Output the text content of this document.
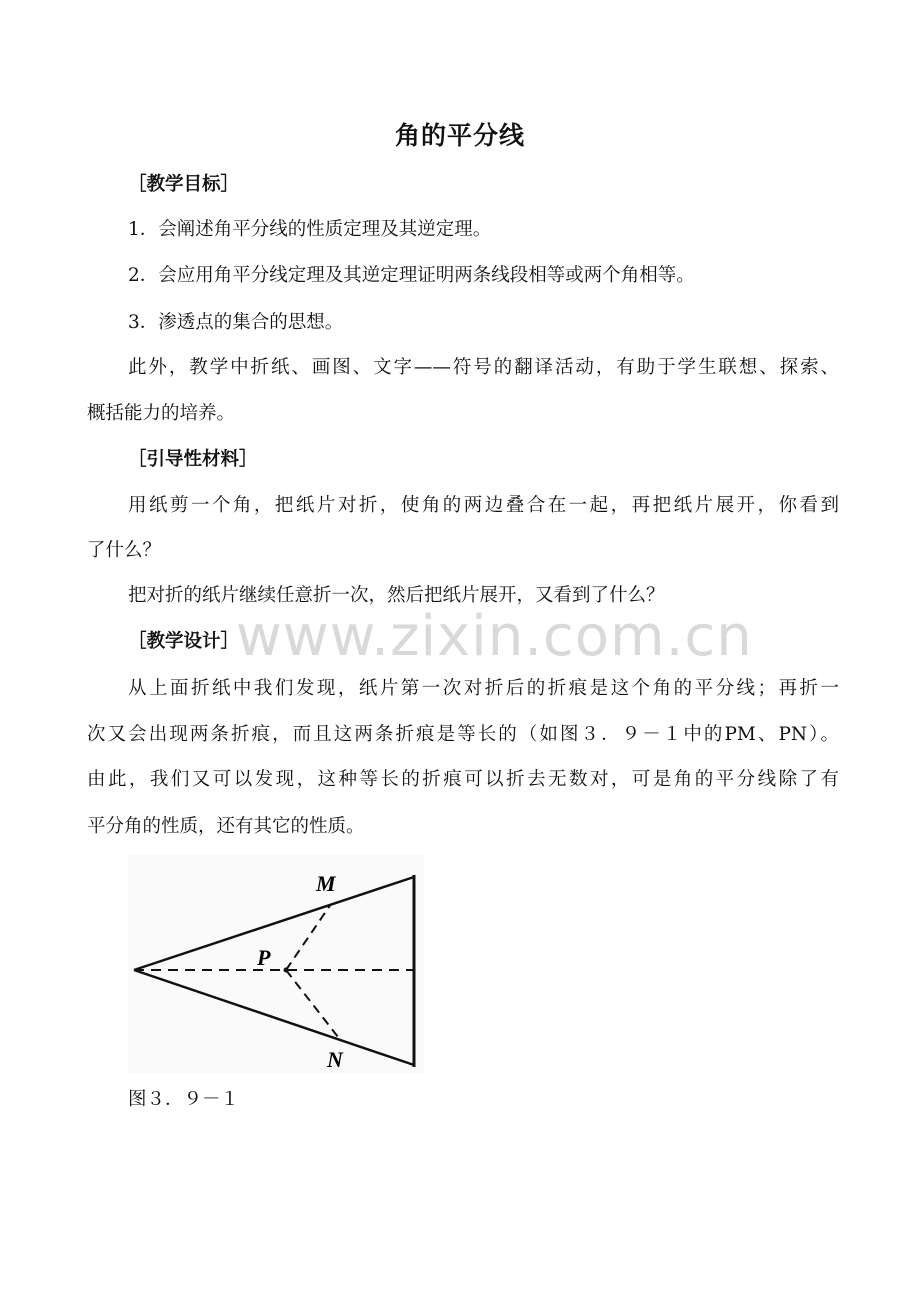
角的平分线
［教学目标］
1．会阐述角平分线的性质定理及其逆定理。
2．会应用角平分线定理及其逆定理证明两条线段相等或两个角相等。
3．渗透点的集合的思想。
此外，教学中折纸、画图、文字——符号的翻译活动，有助于学生联想、探索、
概括能力的培养。
［引导性材料］
用纸剪一个角，把纸片对折，使角的两边叠合在一起，再把纸片展开，你看到
了什么？
把对折的纸片继续任意折一次，然后把纸片展开，又看到了什么？
www.zixin.com.cn
［教学设计］
从上面折纸中我们发现，纸片第一次对折后的折痕是这个角的平分线；再折一
次又会出现两条折痕，而且这两条折痕是等长的（如图３．９－１中的PM、PN）。
由此，我们又可以发现，这种等长的折痕可以折去无数对，可是角的平分线除了有
平分角的性质，还有其它的性质。
M
P
N
图３．９－１
